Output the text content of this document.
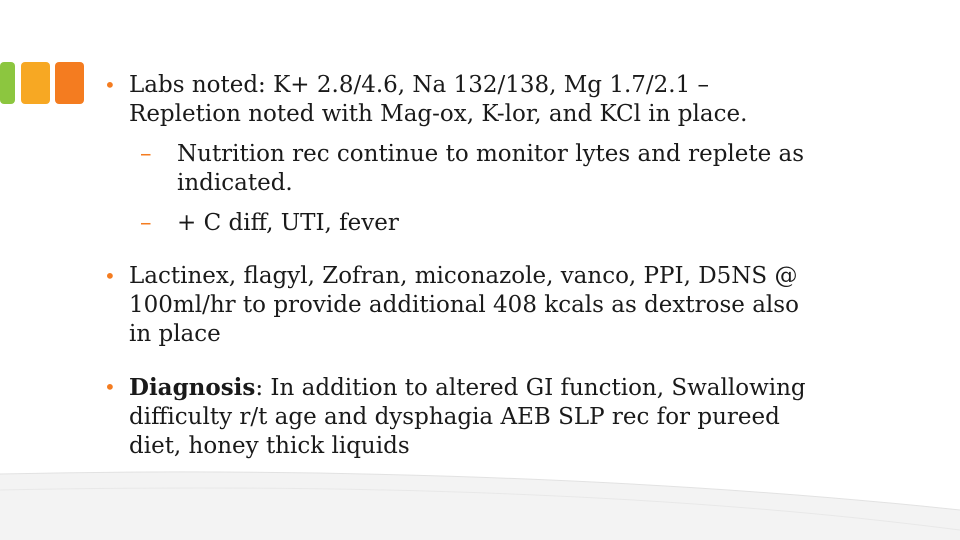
• Labs noted: K+ 2.8/4.6, Na 132/138, Mg 1.7/2.1 – Repletion noted with Mag-ox, K-lor, and KCl in place.
– Nutrition rec continue to monitor lytes and replete as indicated.
– + C diff, UTI, fever
• Lactinex, flagyl, Zofran, miconazole, vanco, PPI, D5NS @ 100ml/hr to provide additional 408 kcals as dextrose also in place
• Diagnosis: In addition to altered GI function, Swallowing difficulty r/t age and dysphagia AEB SLP rec for pureed diet, honey thick liquids
